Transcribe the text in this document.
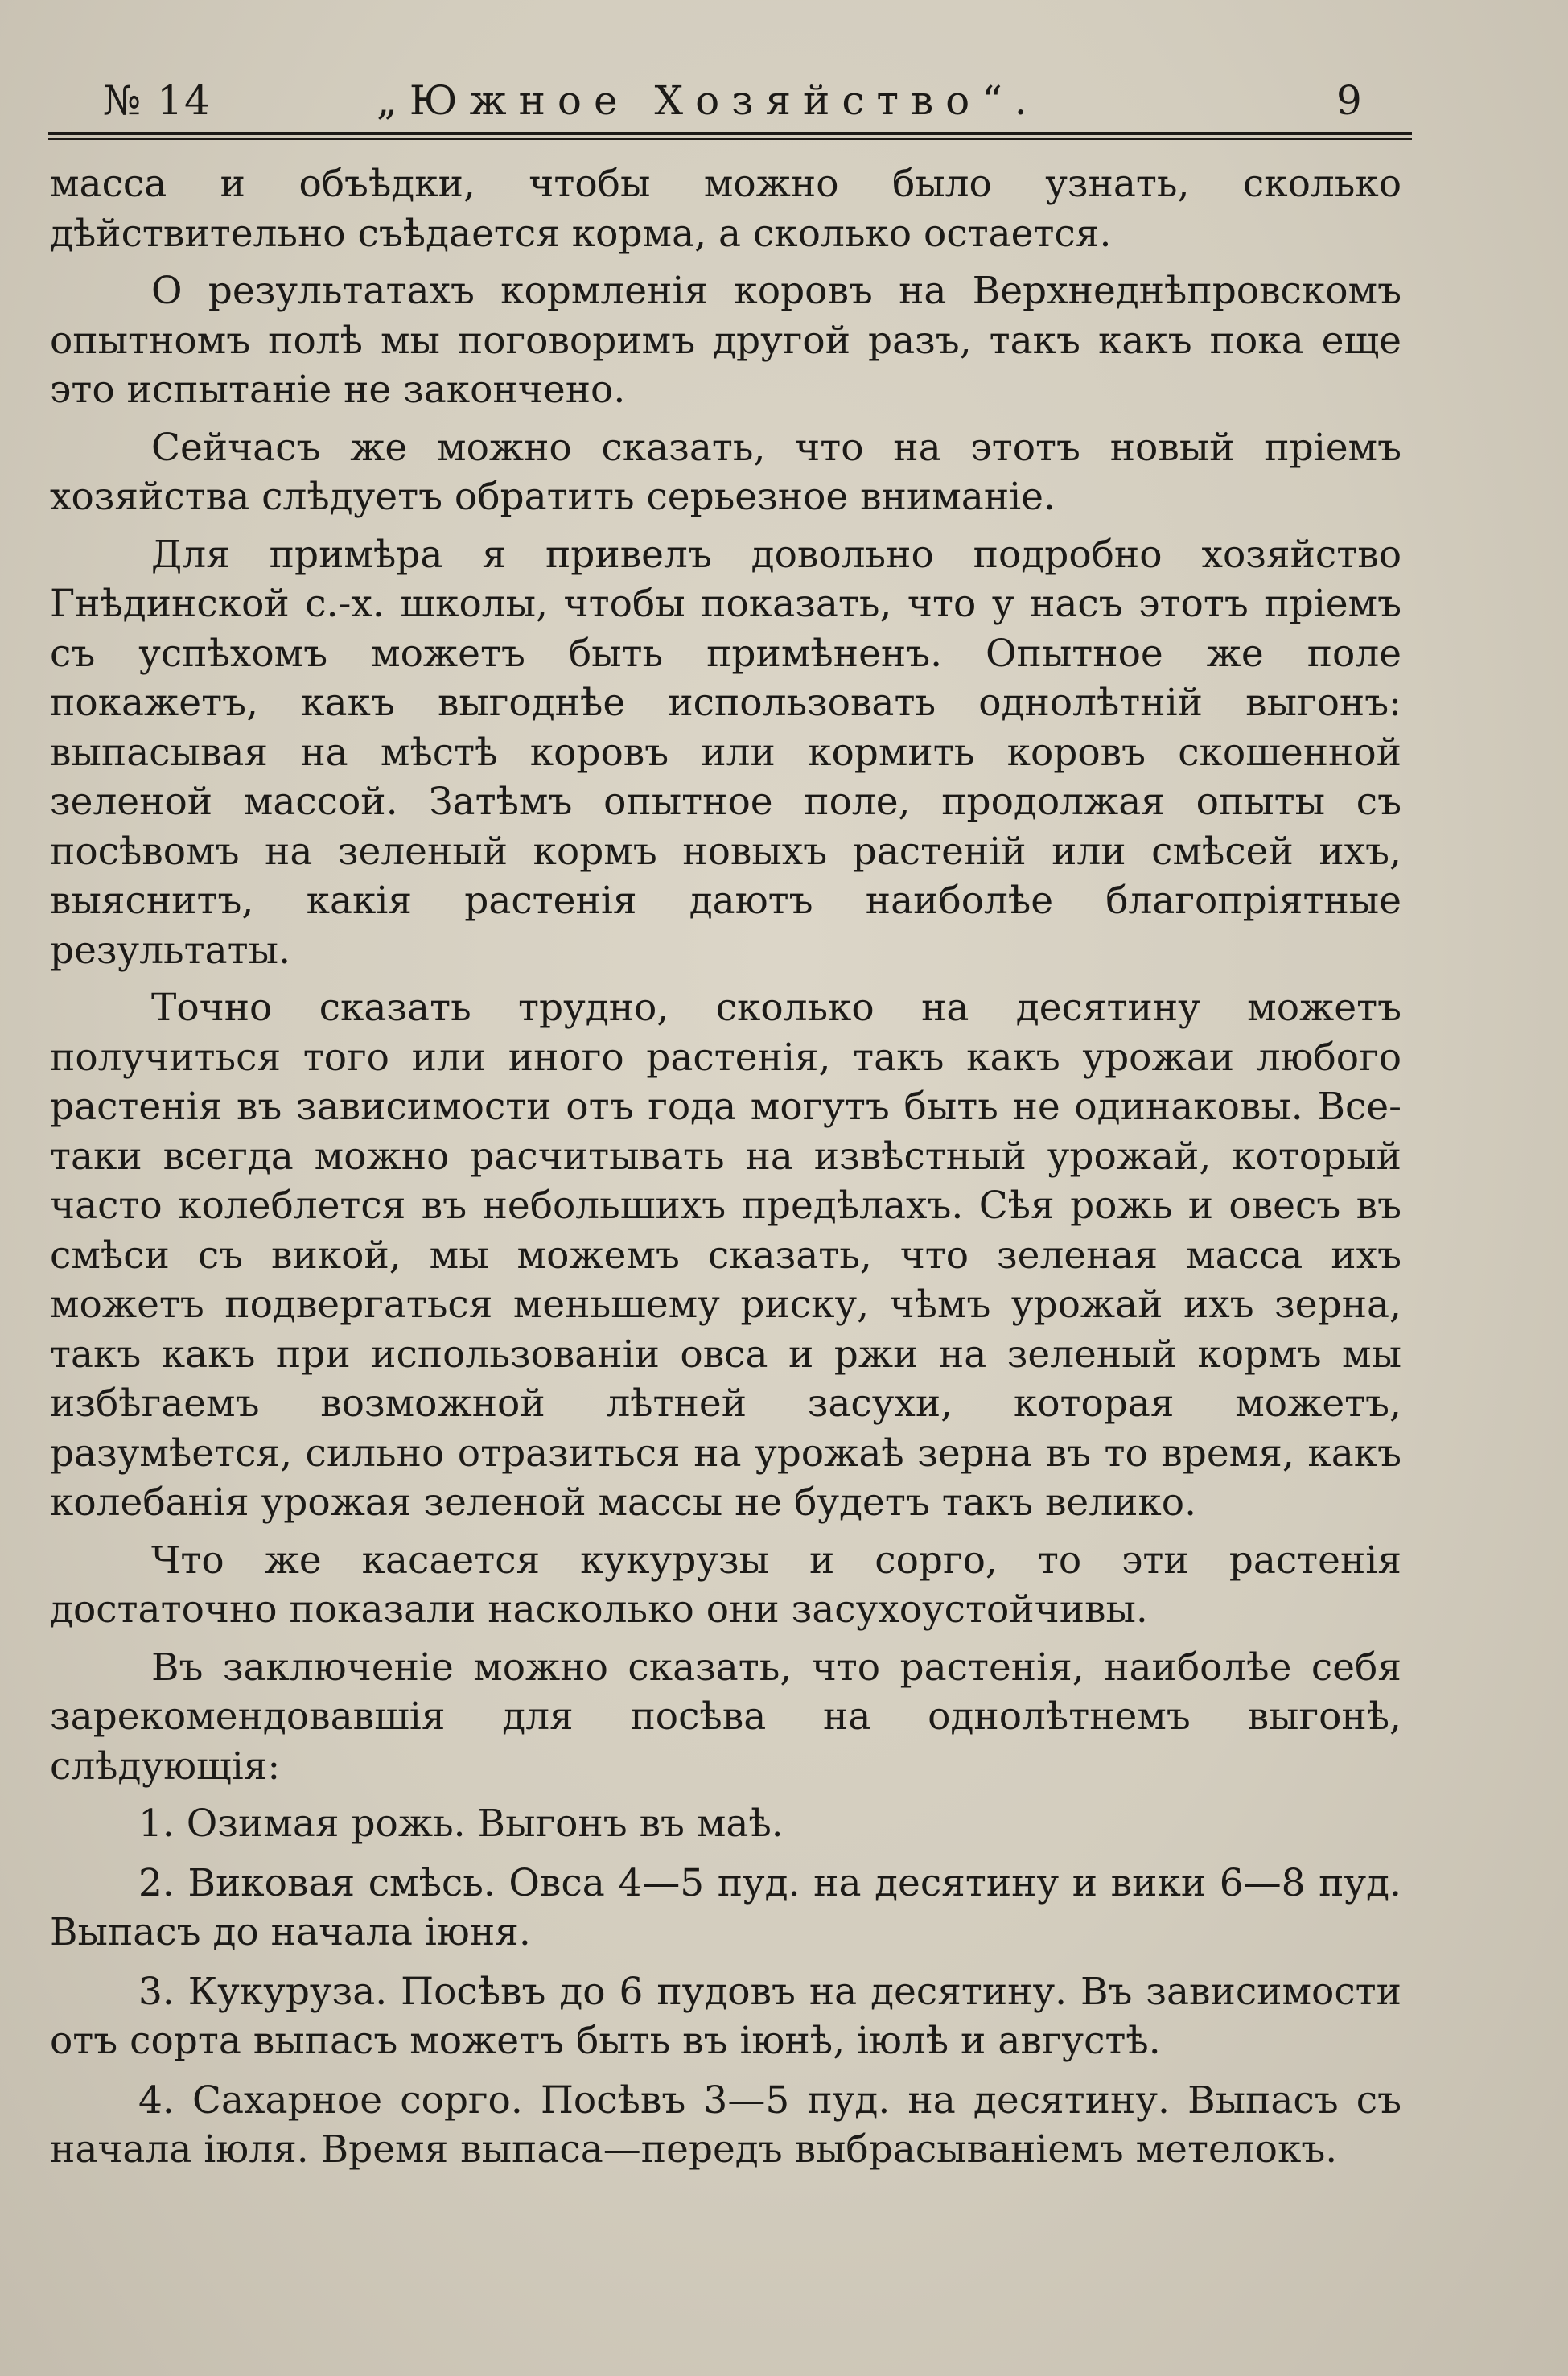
№ 14	„Южное Хозяйство“.	9

масса и объѣдки, чтобы можно было узнать, сколько дѣйствительно съѣдается корма, а сколько остается.

О результатахъ кормленія коровъ на Верхнеднѣпровскомъ опытномъ полѣ мы поговоримъ другой разъ, такъ какъ пока еще это испытаніе не закончено.

Сейчасъ же можно сказать, что на этотъ новый пріемъ хозяйства слѣдуетъ обратить серьезное вниманіе.

Для примѣра я привелъ довольно подробно хозяйство Гнѣдинской с.-х. школы, чтобы показать, что у насъ этотъ пріемъ съ успѣхомъ можетъ быть примѣненъ. Опытное же поле покажетъ, какъ выгоднѣе использовать однолѣтній выгонъ: выпасывая на мѣстѣ коровъ или кормить коровъ скошенной зеленой массой. Затѣмъ опытное поле, продолжая опыты съ посѣвомъ на зеленый кормъ новыхъ растеній или смѣсей ихъ, выяснитъ, какія растенія даютъ наиболѣе благопріятные результаты.

Точно сказать трудно, сколько на десятину можетъ получиться того или иного растенія, такъ какъ урожаи любого растенія въ зависимости отъ года могутъ быть не одинаковы. Все-таки всегда можно расчитывать на извѣстный урожай, который часто колеблется въ небольшихъ предѣлахъ. Сѣя рожь и овесъ въ смѣси съ викой, мы можемъ сказать, что зеленая масса ихъ можетъ подвергаться меньшему риску, чѣмъ урожай ихъ зерна, такъ какъ при использованіи овса и ржи на зеленый кормъ мы избѣгаемъ возможной лѣтней засухи, которая можетъ, разумѣется, сильно отразиться на урожаѣ зерна въ то время, какъ колебанія урожая зеленой массы не будетъ такъ велико.

Что же касается кукурузы и сорго, то эти растенія достаточно показали насколько они засухоустойчивы.

Въ заключеніе можно сказать, что растенія, наиболѣе себя зарекомендовавшія для посѣва на однолѣтнемъ выгонѣ, слѣдующія:

1. Озимая рожь. Выгонъ въ маѣ.

2. Виковая смѣсь. Овса 4—5 пуд. на десятину и вики 6—8 пуд. Выпасъ до начала іюня.

3. Кукуруза. Посѣвъ до 6 пудовъ на десятину. Въ зависимости отъ сорта выпасъ можетъ быть въ іюнѣ, іюлѣ и августѣ.

4. Сахарное сорго. Посѣвъ 3—5 пуд. на десятину. Выпасъ съ начала іюля. Время выпаса—передъ выбрасываніемъ метелокъ.
